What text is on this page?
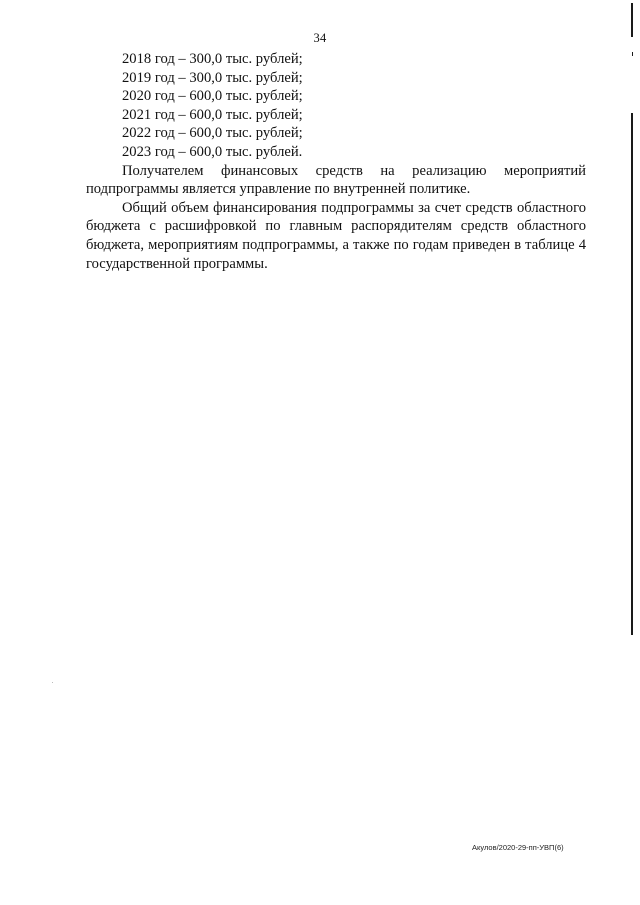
34
2018 год – 300,0 тыс. рублей;
2019 год – 300,0 тыс. рублей;
2020 год – 600,0 тыс. рублей;
2021 год – 600,0 тыс. рублей;
2022 год – 600,0 тыс. рублей;
2023 год – 600,0 тыс. рублей.

Получателем финансовых средств на реализацию мероприятий подпрограммы является управление по внутренней политике.

Общий объем финансирования подпрограммы за счет средств областного бюджета с расшифровкой по главным распорядителям средств областного бюджета, мероприятиям подпрограммы, а также по годам приведен в таблице 4 государственной программы.

Акулов/2020-29-пп-УВП(6)
